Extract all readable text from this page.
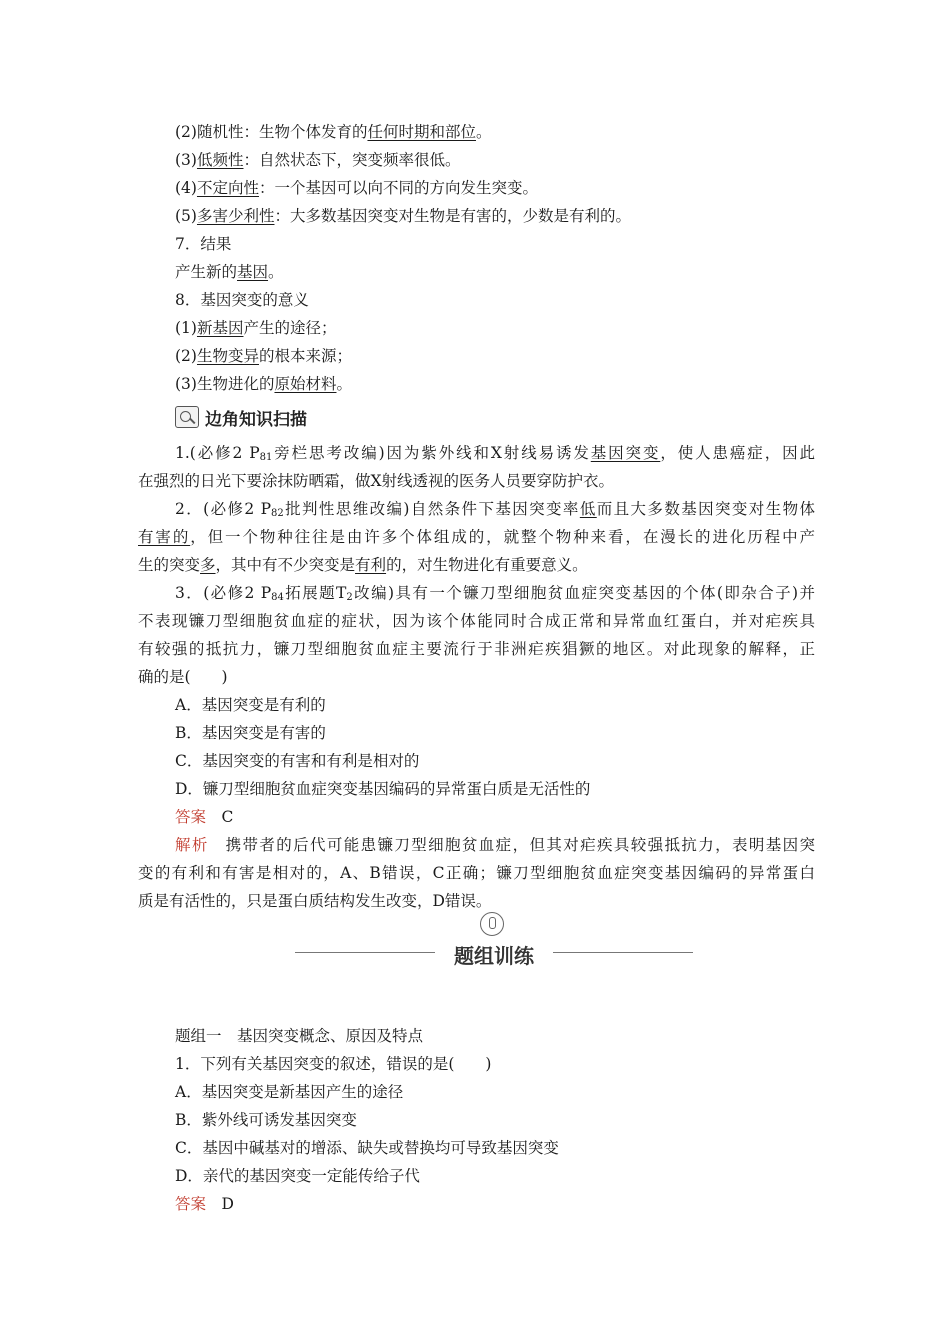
(2)随机性：生物个体发育的任何时期和部位。
(3)低频性：自然状态下，突变频率很低。
(4)不定向性：一个基因可以向不同的方向发生突变。
(5)多害少利性：大多数基因突变对生物是有害的，少数是有利的。
7．结果
产生新的基因。
8．基因突变的意义
(1)新基因产生的途径；
(2)生物变异的根本来源；
(3)生物进化的原始材料。
边角知识扫描
1.(必修2 $P_{81}$旁栏思考改编)因为紫外线和X射线易诱发基因突变，使人患癌症，因此
在强烈的日光下要涂抹防晒霜，做X射线透视的医务人员要穿防护衣。
2．(必修2 $P_{82}$批判性思维改编)自然条件下基因突变率低而且大多数基因突变对生物体
有害的，但一个物种往往是由许多个体组成的，就整个物种来看，在漫长的进化历程中产
生的突变多，其中有不少突变是有利的，对生物进化有重要意义。
3．(必修2 $P_{84}$拓展题$T_2$改编)具有一个镰刀型细胞贫血症突变基因的个体(即杂合子)并
不表现镰刀型细胞贫血症的症状，因为该个体能同时合成正常和异常血红蛋白，并对疟疾具
有较强的抵抗力，镰刀型细胞贫血症主要流行于非洲疟疾猖獗的地区。对此现象的解释，正
确的是(　　)
A．基因突变是有利的
B．基因突变是有害的
C．基因突变的有害和有利是相对的
D．镰刀型细胞贫血症突变基因编码的异常蛋白质是无活性的
答案  C
解析  携带者的后代可能患镰刀型细胞贫血症，但其对疟疾具较强抵抗力，表明基因突
变的有利和有害是相对的，A、B错误，C正确；镰刀型细胞贫血症突变基因编码的异常蛋白
质是有活性的，只是蛋白质结构发生改变，D错误。
题组训练
题组一　基因突变概念、原因及特点
1．下列有关基因突变的叙述，错误的是(　　)
A．基因突变是新基因产生的途径
B．紫外线可诱发基因突变
C．基因中碱基对的增添、缺失或替换均可导致基因突变
D．亲代的基因突变一定能传给子代
答案  D
